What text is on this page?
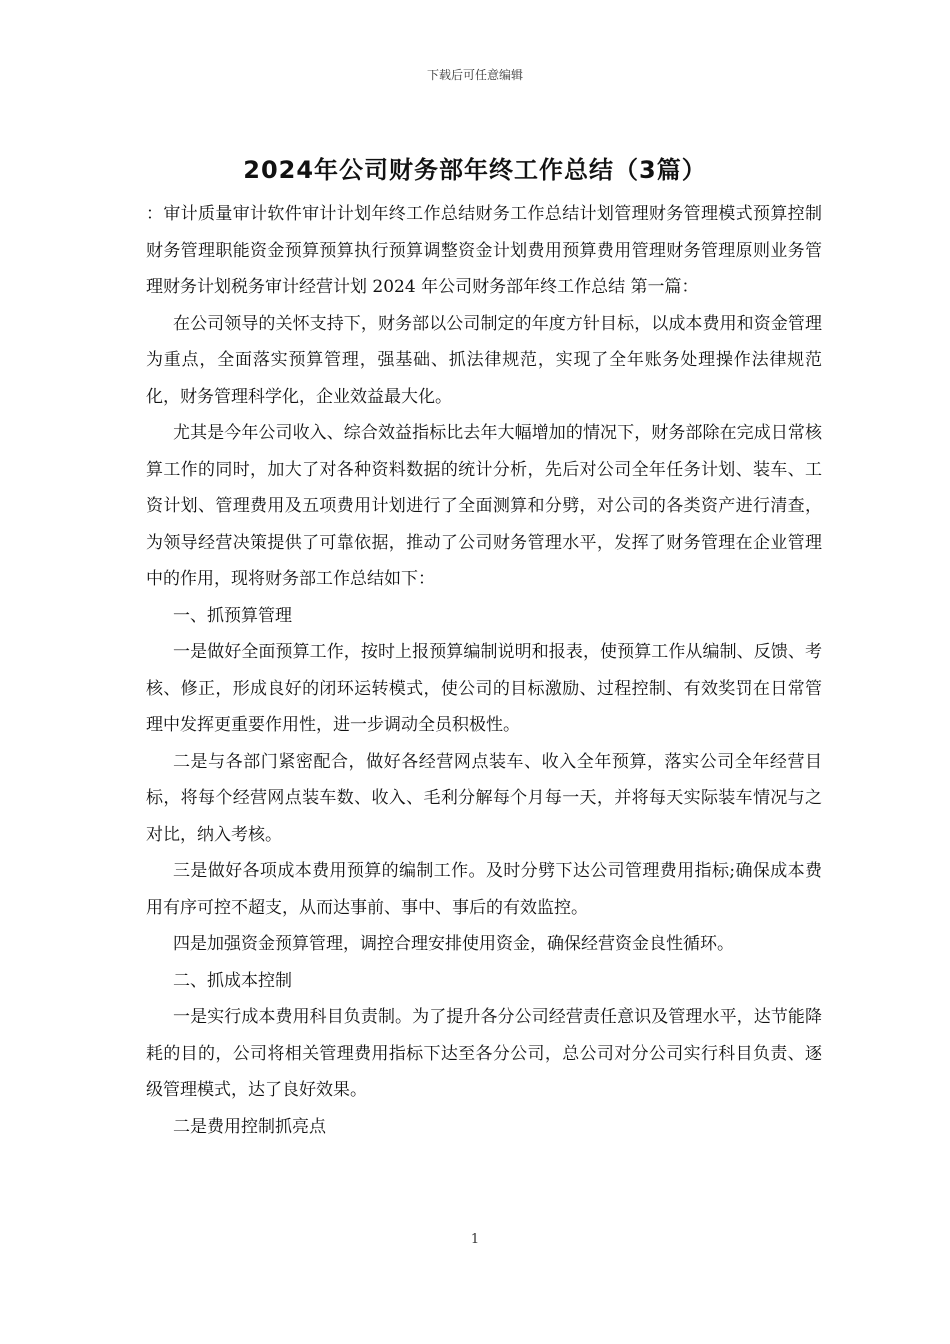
下载后可任意编辑
2024年公司财务部年终工作总结（3篇）

：审计质量审计软件审计计划年终工作总结财务工作总结计划管理财务管理模式预算控制财务管理职能资金预算预算执行预算调整资金计划费用预算费用管理财务管理原则业务管理财务计划税务审计经营计划 2024 年公司财务部年终工作总结 第一篇：

在公司领导的关怀支持下，财务部以公司制定的年度方针目标，以成本费用和资金管理为重点，全面落实预算管理，强基础、抓法律规范，实现了全年账务处理操作法律规范化，财务管理科学化，企业效益最大化。

尤其是今年公司收入、综合效益指标比去年大幅增加的情况下，财务部除在完成日常核算工作的同时，加大了对各种资料数据的统计分析，先后对公司全年任务计划、装车、工资计划、管理费用及五项费用计划进行了全面测算和分劈，对公司的各类资产进行清查，为领导经营决策提供了可靠依据，推动了公司财务管理水平，发挥了财务管理在企业管理中的作用，现将财务部工作总结如下：

一、抓预算管理

一是做好全面预算工作，按时上报预算编制说明和报表，使预算工作从编制、反馈、考核、修正，形成良好的闭环运转模式，使公司的目标激励、过程控制、有效奖罚在日常管理中发挥更重要作用性，进一步调动全员积极性。

二是与各部门紧密配合，做好各经营网点装车、收入全年预算，落实公司全年经营目标，将每个经营网点装车数、收入、毛利分解每个月每一天，并将每天实际装车情况与之对比，纳入考核。

三是做好各项成本费用预算的编制工作。及时分劈下达公司管理费用指标;确保成本费用有序可控不超支，从而达事前、事中、事后的有效监控。

四是加强资金预算管理，调控合理安排使用资金，确保经营资金良性循环。

二、抓成本控制

一是实行成本费用科目负责制。为了提升各分公司经营责任意识及管理水平，达节能降耗的目的，公司将相关管理费用指标下达至各分公司，总公司对分公司实行科目负责、逐级管理模式，达了良好效果。

二是费用控制抓亮点

1
